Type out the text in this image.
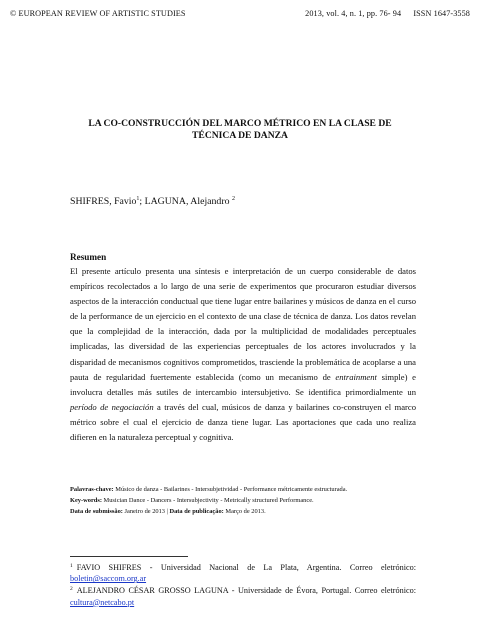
© EUROPEAN REVIEW OF ARTISTIC STUDIES	2013, vol. 4, n. 1, pp. 76- 94 ISSN 1647-3558
LA CO-CONSTRUCCIÓN DEL MARCO MÉTRICO EN LA CLASE DE
TÉCNICA DE DANZA
SHIFRES, Favio$^1$; LAGUNA, Alejandro $^2$
Resumen

El presente artículo presenta una síntesis e interpretación de un cuerpo considerable de datos empíricos recolectados a lo largo de una serie de experimentos que procuraron estudiar diversos aspectos de la interacción conductual que tiene lugar entre bailarines y músicos de danza en el curso de la performance de un ejercicio en el contexto de una clase de técnica de danza. Los datos revelan que la complejidad de la interacción, dada por la multiplicidad de modalidades perceptuales implicadas, las diversidad de las experiencias perceptuales de los actores involucrados y la disparidad de mecanismos cognitivos comprometidos, trasciende la problemática de acoplarse a una pauta de regularidad fuertemente establecida (como un mecanismo de entrainment simple) e involucra detalles más sutiles de intercambio intersubjetivo. Se identifica primordialmente un período de negociación a través del cual, músicos de danza y bailarines co-construyen el marco métrico sobre el cual el ejercicio de danza tiene lugar. Las aportaciones que cada uno realiza difieren en la naturaleza perceptual y cognitiva.

Palavras-chave: Músico de danza - Bailarines - Intersubjetividad - Performance métricamente estructurada.
Key-words: Musician Dance - Dancers - Intersubjectivity - Metrically structured Performance.
Data de submissão: Janeiro de 2013 | Data de publicação: Março de 2013.

$^1$ FAVIO SHIFRES - Universidad Nacional de La Plata, Argentina. Correo eletrónico: boletin@saccom.org.ar

$^2$ ALEJANDRO CÉSAR GROSSO LAGUNA - Universidade de Évora, Portugal. Correo eletrónico: cultura@netcabo.pt
